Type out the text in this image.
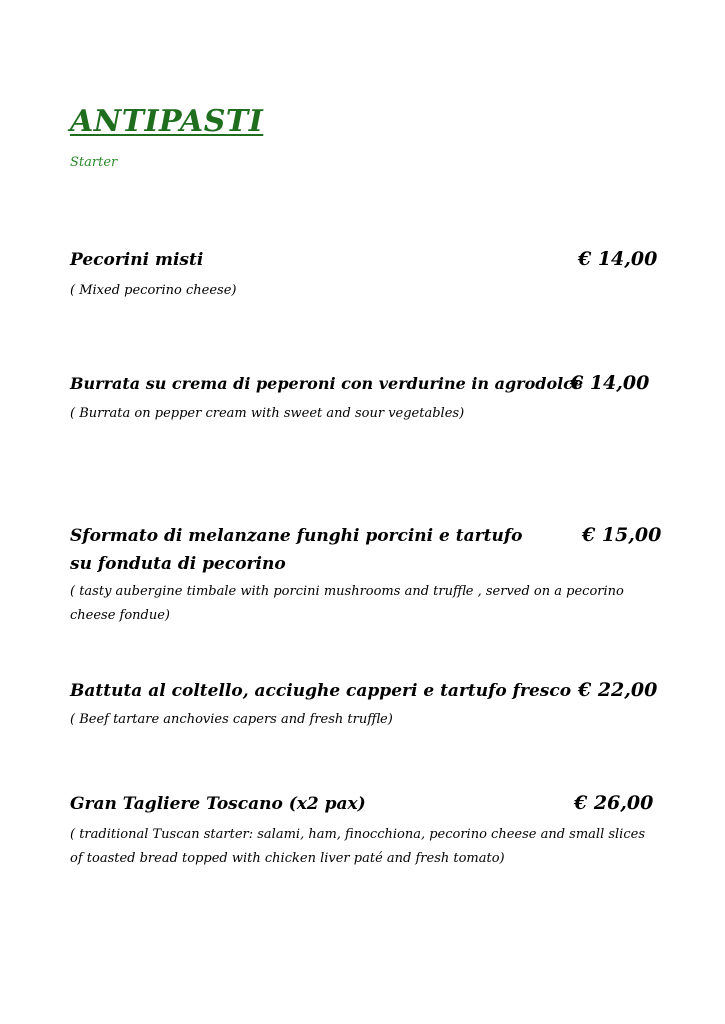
ANTIPASTI
Starter
Pecorini misti	€ 14,00
( Mixed pecorino cheese)
Burrata su crema di peperoni con verdurine in agrodolce
€ 14,00
( Burrata on pepper cream with sweet and sour vegetables)
Sformato di melanzane funghi porcini e tartufo
su fonduta di pecorino
€ 15,00
( tasty aubergine timbale with porcini mushrooms and truffle , served on a pecorino cheese fondue)
Battuta al coltello, acciughe capperi e tartufo fresco € 22,00
( Beef tartare anchovies capers and fresh truffle)
Gran Tagliere Toscano (x2 pax)	€ 26,00
( traditional Tuscan starter: salami, ham, finocchiona, pecorino cheese and small slices of toasted bread topped with chicken liver paté and fresh tomato)
